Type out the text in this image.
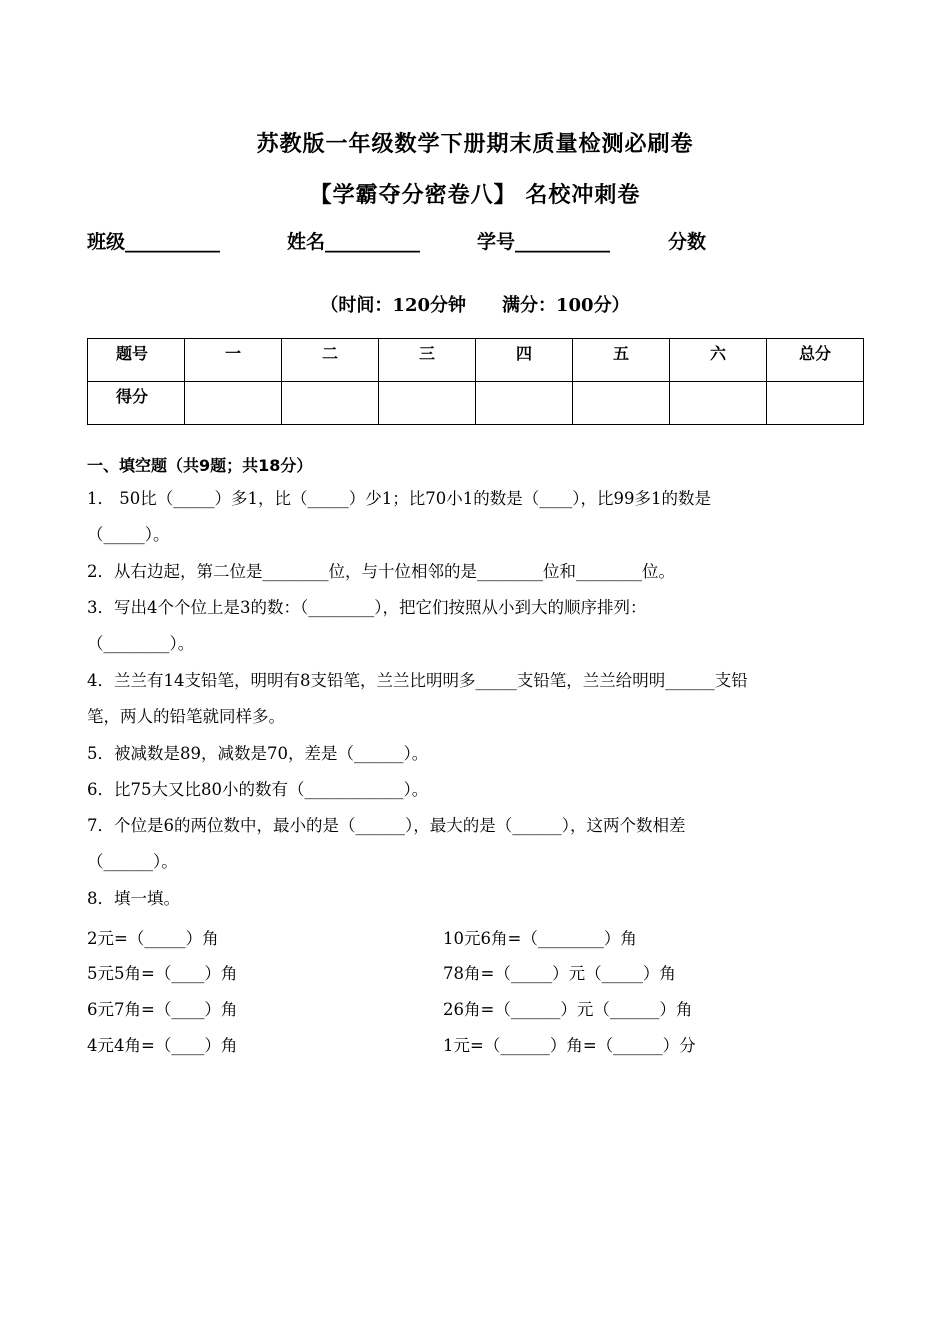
苏教版一年级数学下册期末质量检测必刷卷
【学霸夺分密卷八】 名校冲刺卷
班级__________	姓名__________	学号__________	分数
（时间：120分钟　　满分：100分）
题号	一	二	三	四	五	六	总分
得分							
一、填空题（共9题；共18分）
1． 50比（_____）多1，比（_____）少1；比70小1的数是（____），比99多1的数是
（_____）。
2．从右边起，第二位是________位，与十位相邻的是________位和________位。
3．写出4个个位上是3的数：（________），把它们按照从小到大的顺序排列：
（________）。
4．兰兰有14支铅笔，明明有8支铅笔，兰兰比明明多_____支铅笔，兰兰给明明______支铅
笔，两人的铅笔就同样多。
5．被减数是89，减数是70，差是（______）。
6．比75大又比80小的数有（____________）。
7．个位是6的两位数中，最小的是（______），最大的是（______），这两个数相差
（______）。
8．填一填。
2元=（_____）角	10元6角=（________）角
5元5角=（____）角	78角=（_____）元（_____）角
6元7角=（____）角	26角=（______）元（______）角
4元4角=（____）角	1元=（______）角=（______）分
